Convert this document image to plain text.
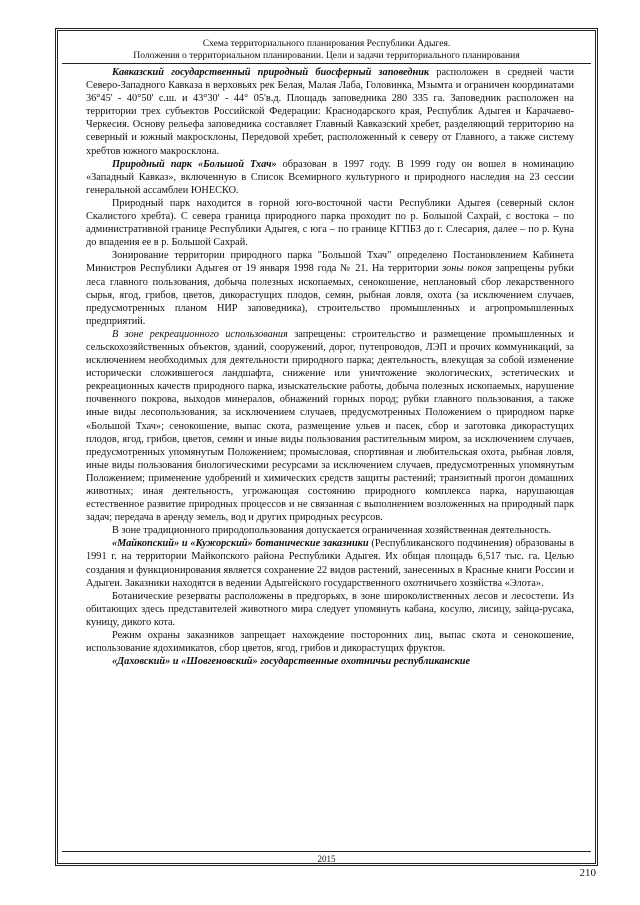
Схема территориального планирования Республики Адыгея.
Положения о территориальном планировании. Цели и задачи территориального планирования

Кавказский государственный природный биосферный заповедник расположен в средней части Северо-Западного Кавказа в верховьях рек Белая, Малая Лаба, Головинка, Мзымта и ограничен координатами 36°45' - 40°50' с.ш. и 43°30' - 44° 05'в.д. Площадь заповедника 280 335 га. Заповедник расположен на территории трех субъектов Российской Федерации: Краснодарского края, Республик Адыгея и Карачаево-Черкесия. Основу рельефа заповедника составляет Главный Кавказский хребет, разделяющий территорию на северный и южный макросклоны, Передовой хребет, расположенный к северу от Главного, а также систему хребтов южного макросклона.

Природный парк «Большой Тхач» образован в 1997 году. В 1999 году он вошел в номинацию «Западный Кавказ», включенную в Список Всемирного культурного и природного наследия на 23 сессии генеральной ассамблеи ЮНЕСКО.

Природный парк находится в горной юго-восточной части Республики Адыгея (северный склон Скалистого хребта). С севера граница природного парка проходит по р. Большой Сахрай, с востока – по административной границе Республики Адыгея, с юга – по границе КГПБЗ до г. Слесария, далее – по р. Куна до впадения ее в р. Большой Сахрай.

Зонирование территории природного парка "Большой Тхач" определено Постановлением Кабинета Министров Республики Адыгея от 19 января 1998 года № 21. На территории зоны покоя запрещены рубки леса главного пользования, добыча полезных ископаемых, сенокошение, неплановый сбор лекарственного сырья, ягод, грибов, цветов, дикорастущих плодов, семян, рыбная ловля, охота (за исключением случаев, предусмотренных планом НИР заповедника), строительство промышленных и агропромышленных предприятий.

В зоне рекреационного использования запрещены: строительство и размещение промышленных и сельскохозяйственных объектов, зданий, сооружений, дорог, путепроводов, ЛЭП и прочих коммуникаций, за исключением необходимых для деятельности природного парка; деятельность, влекущая за собой изменение исторически сложившегося ландшафта, снижение или уничтожение экологических, эстетических и рекреационных качеств природного парка, изыскательские работы, добыча полезных ископаемых, нарушение почвенного покрова, выходов минералов, обнажений горных пород; рубки главного пользования, а также иные виды лесопользования, за исключением случаев, предусмотренных Положением о природном парке «Большой Тхач»; сенокошение, выпас скота, размещение ульев и пасек, сбор и заготовка дикорастущих плодов, ягод, грибов, цветов, семян и иные виды пользования растительным миром, за исключением случаев, предусмотренных упомянутым Положением; промысловая, спортивная и любительская охота, рыбная ловля, иные виды пользования биологическими ресурсами за исключением случаев, предусмотренных упомянутым Положением; применение удобрений и химических средств защиты растений; транзитный прогон домашних животных; иная деятельность, угрожающая состоянию природного комплекса парка, нарушающая естественное развитие природных процессов и не связанная с выполнением возложенных на природный парк задач; передача в аренду земель, вод и других природных ресурсов.

В зоне традиционного природопользования допускается ограниченная хозяйственная деятельность.

«Майкопский» и «Кужорский» ботанические заказники (Республиканского подчинения) образованы в 1991 г. на территории Майкопского района Республики Адыгея. Их общая площадь 6,517 тыс. га. Целью создания и функционирования является сохранение 22 видов растений, занесенных в Красные книги России и Адыгеи. Заказники находятся в ведении Адыгейского государственного охотничьего хозяйства «Элота».

Ботанические резерваты расположены в предгорьях, в зоне широколиственных лесов и лесостепи. Из обитающих здесь представителей животного мира следует упомянуть кабана, косулю, лисицу, зайца-русака, куницу, дикого кота.

Режим охраны заказников запрещает нахождение посторонних лиц, выпас скота и сенокошение, использование ядохимикатов, сбор цветов, ягод, грибов и дикорастущих фруктов.

«Даховский» и «Шовгеновский» государственные охотничьи республиканские

2015
210
